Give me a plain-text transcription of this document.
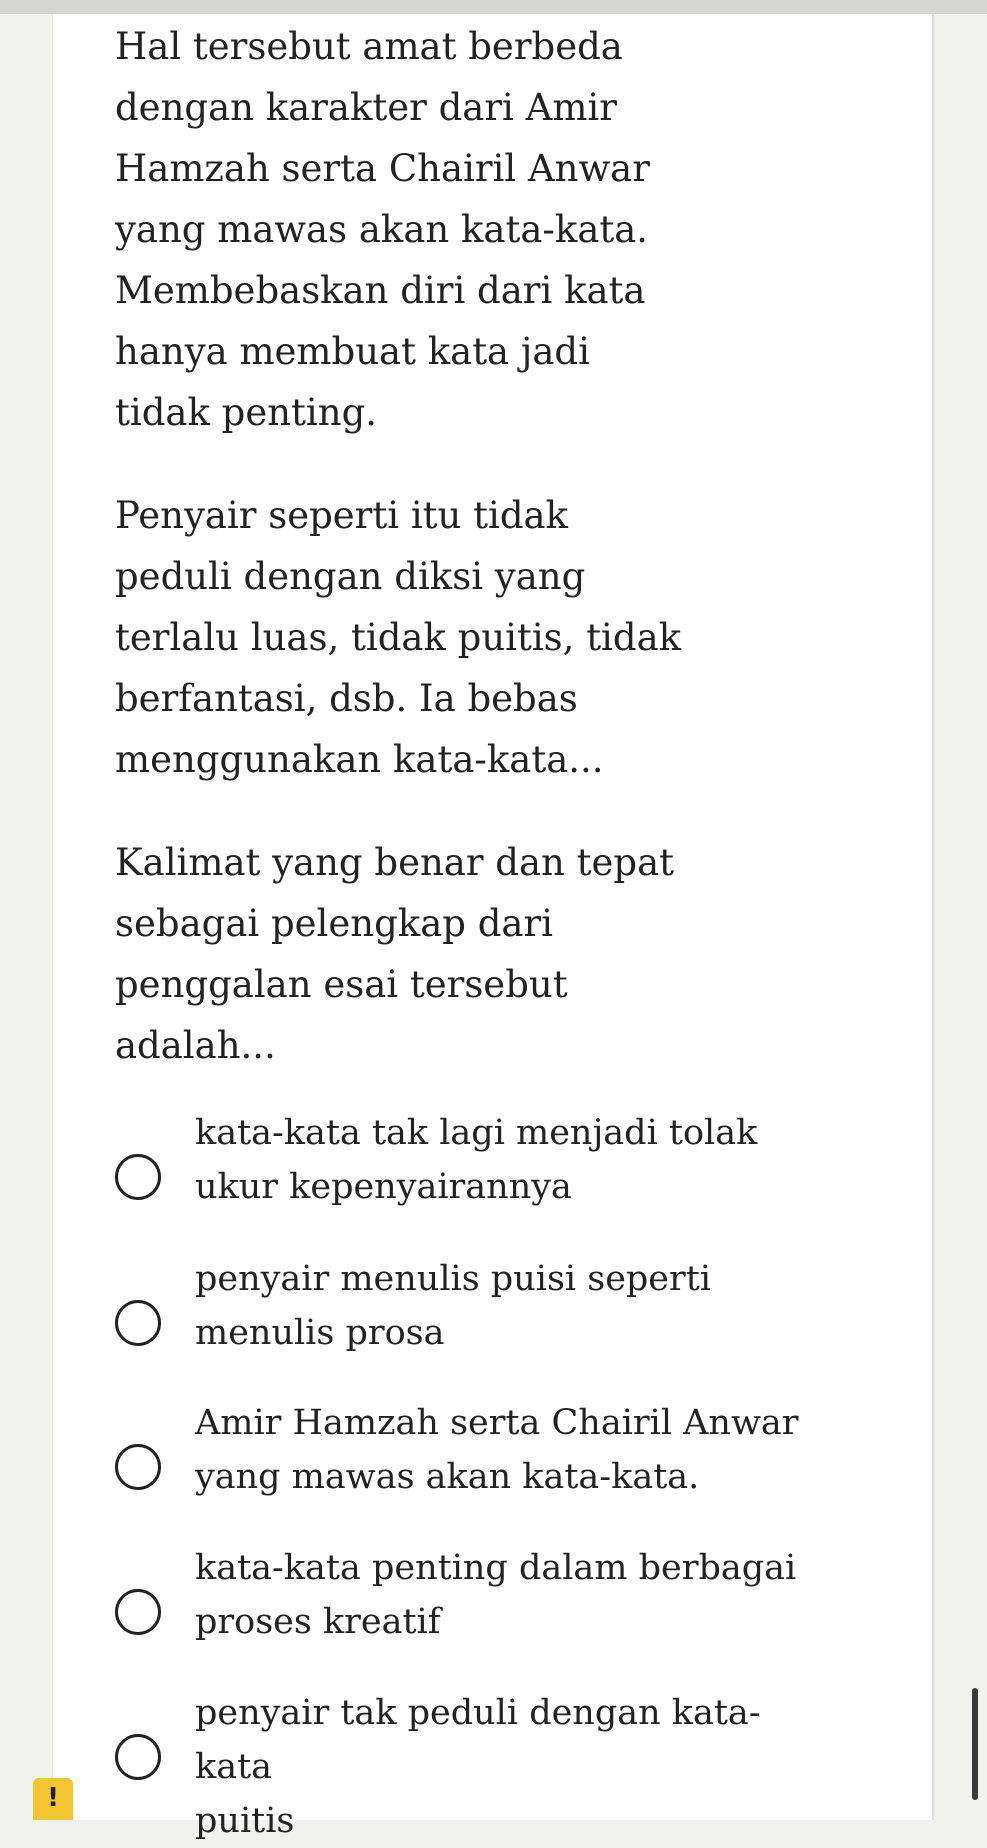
Hal tersebut amat berbeda
dengan karakter dari Amir
Hamzah serta Chairil Anwar
yang mawas akan kata-kata.
Membebaskan diri dari kata
hanya membuat kata jadi
tidak penting.

Penyair seperti itu tidak
peduli dengan diksi yang
terlalu luas, tidak puitis, tidak
berfantasi, dsb. Ia bebas
menggunakan kata-kata...

Kalimat yang benar dan tepat
sebagai pelengkap dari
penggalan esai tersebut
adalah...

kata-kata tak lagi menjadi tolak
ukur kepenyairannya
penyair menulis puisi seperti
menulis prosa
Amir Hamzah serta Chairil Anwar
yang mawas akan kata-kata.
kata-kata penting dalam berbagai
proses kreatif
penyair tak peduli dengan kata-kata
puitis
!
